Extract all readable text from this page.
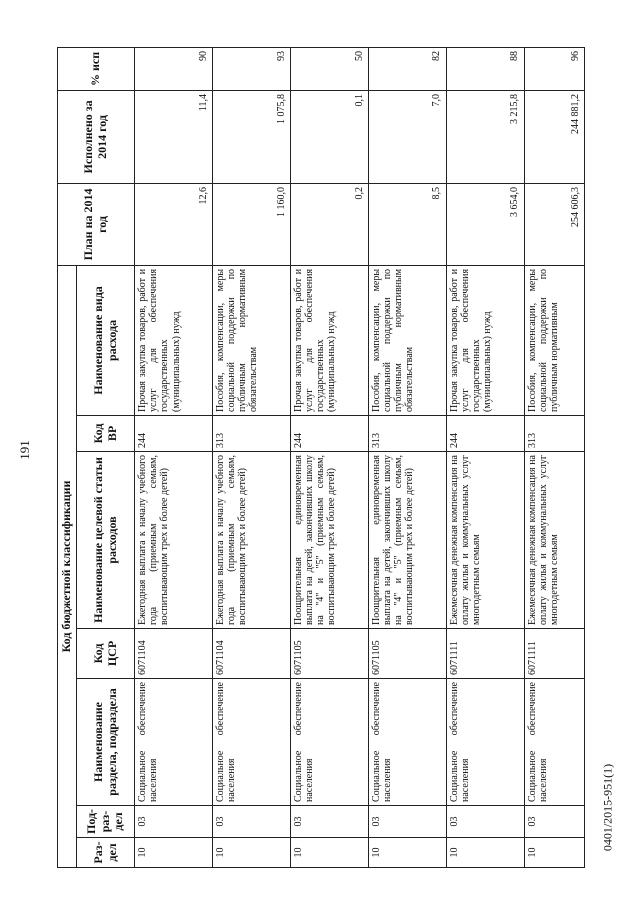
191
0401/2015-951(1)
Код бюджетной классификации							План на 2014 год	Исполнено за 2014 год	% исп
Раз-дел	Под-раз-дел	Наименование раздела, подраздела	Код ЦСР	Наименование целевой статьи расходов	Код ВР	Наименование вида расхода			
10	03	Социальное обеспечение населения	6071104	Ежегодная выплата к началу учебного года (приемным семьям, воспитывающим трех и более детей)	244	Прочая закупка товаров, работ и услуг для обеспечения государственных (муниципальных) нужд	12,6	11,4	90
10	03	Социальное обеспечение населения	6071104	Ежегодная выплата к началу учебного года (приемным семьям, воспитывающим трех и более детей)	313	Пособия, компенсации, меры социальной поддержки по публичным нормативным обязательствам	1 160,0	1 075,8	93
10	03	Социальное обеспечение населения	6071105	Поощрительная единовременная выплата на детей, закончивших школу на "4" и "5" (приемным семьям, воспитывающим трех и более детей)	244	Прочая закупка товаров, работ и услуг для обеспечения государственных (муниципальных) нужд	0,2	0,1	50
10	03	Социальное обеспечение населения	6071105	Поощрительная единовременная выплата на детей, закончивших школу на "4" и "5" (приемным семьям, воспитывающим трех и более детей)	313	Пособия, компенсации, меры социальной поддержки по публичным нормативным обязательствам	8,5	7,0	82
10	03	Социальное обеспечение населения	6071111	Ежемесячная денежная компенсация на оплату жилья и коммунальных услуг многодетным семьям	244	Прочая закупка товаров, работ и услуг для обеспечения государственных (муниципальных) нужд	3 654,0	3 215,8	88
10	03	Социальное обеспечение населения	6071111	Ежемесячная денежная компенсация на оплату жилья и коммунальных услуг многодетным семьям	313	Пособия, компенсации, меры социальной поддержки по публичным нормативным	254 606,3	244 881,2	96
